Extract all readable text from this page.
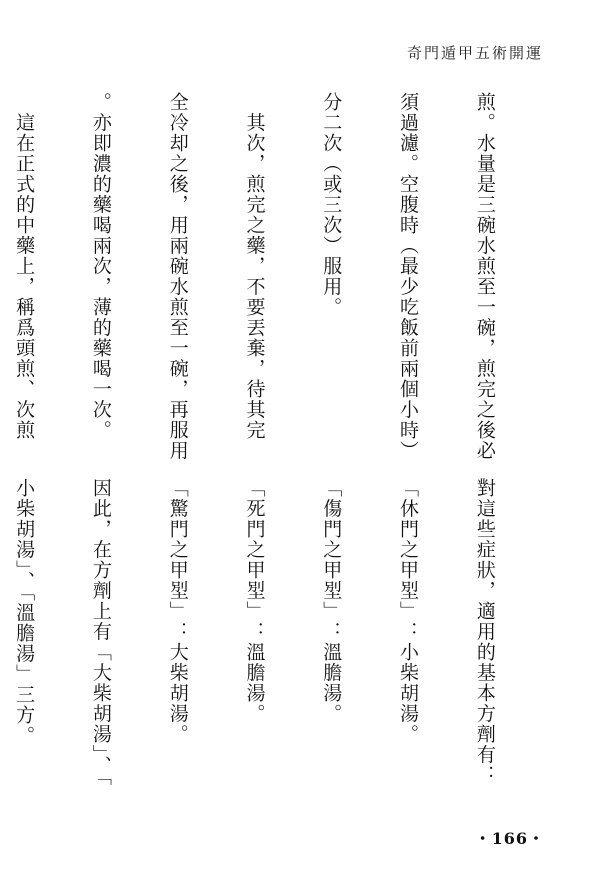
奇門遁甲五術開運

煎。水量是三碗水煎至一碗，煎完之後必

須過濾。空腹時（最少吃飯前兩個小時）

分二次（或三次）服用。

　其次，煎完之藥，不要丟棄，待其完

全冷却之後，用兩碗水煎至一碗，再服用

。亦即濃的藥喝兩次，薄的藥喝一次。

　這在正式的中藥上，稱爲頭煎、次煎

對這些症狀，適用的基本方劑有：

「休門之甲𡋾」：小柴胡湯。

「傷門之甲𡋾」：溫膽湯。

「死門之甲𡋾」：溫膽湯。

「驚門之甲𡋾」：大柴胡湯。

因此，在方劑上有「大柴胡湯」、「

小柴胡湯」、「溫膽湯」三方。

・166・
